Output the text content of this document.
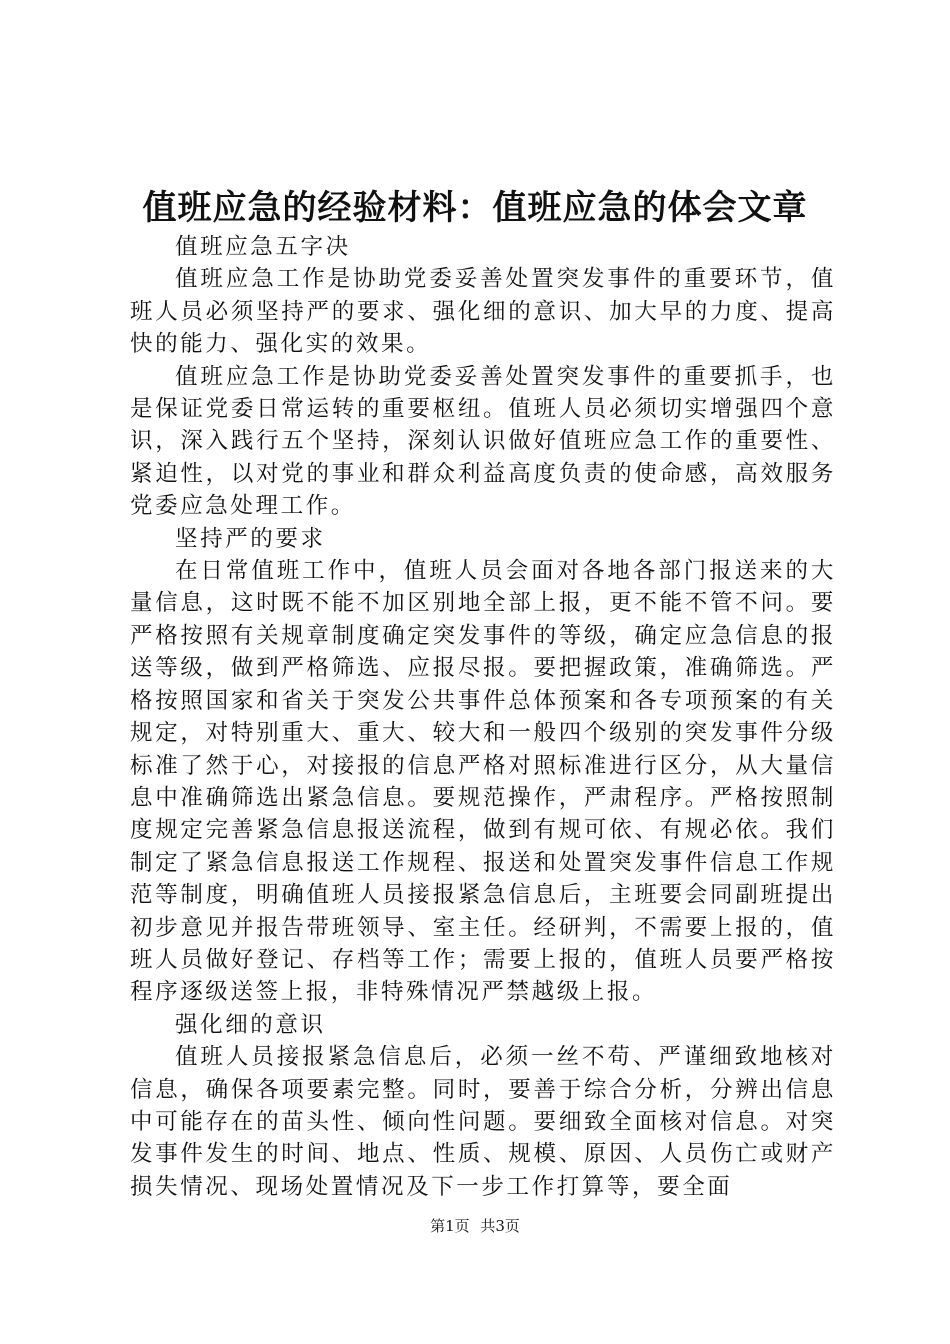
值班应急的经验材料：值班应急的体会文章

值班应急五字决

值班应急工作是协助党委妥善处置突发事件的重要环节，值班人员必须坚持严的要求、强化细的意识、加大早的力度、提高快的能力、强化实的效果。

值班应急工作是协助党委妥善处置突发事件的重要抓手，也是保证党委日常运转的重要枢纽。值班人员必须切实增强四个意识，深入践行五个坚持，深刻认识做好值班应急工作的重要性、紧迫性，以对党的事业和群众利益高度负责的使命感，高效服务党委应急处理工作。

坚持严的要求

在日常值班工作中，值班人员会面对各地各部门报送来的大量信息，这时既不能不加区别地全部上报，更不能不管不问。要严格按照有关规章制度确定突发事件的等级，确定应急信息的报送等级，做到严格筛选、应报尽报。要把握政策，准确筛选。严格按照国家和省关于突发公共事件总体预案和各专项预案的有关规定，对特别重大、重大、较大和一般四个级别的突发事件分级标准了然于心，对接报的信息严格对照标准进行区分，从大量信息中准确筛选出紧急信息。要规范操作，严肃程序。严格按照制度规定完善紧急信息报送流程，做到有规可依、有规必依。我们制定了紧急信息报送工作规程、报送和处置突发事件信息工作规范等制度，明确值班人员接报紧急信息后，主班要会同副班提出初步意见并报告带班领导、室主任。经研判，不需要上报的，值班人员做好登记、存档等工作；需要上报的，值班人员要严格按程序逐级送签上报，非特殊情况严禁越级上报。

强化细的意识

值班人员接报紧急信息后，必须一丝不苟、严谨细致地核对信息，确保各项要素完整。同时，要善于综合分析，分辨出信息中可能存在的苗头性、倾向性问题。要细致全面核对信息。对突发事件发生的时间、地点、性质、规模、原因、人员伤亡或财产损失情况、现场处置情况及下一步工作打算等，要全面

第1页 共3页
